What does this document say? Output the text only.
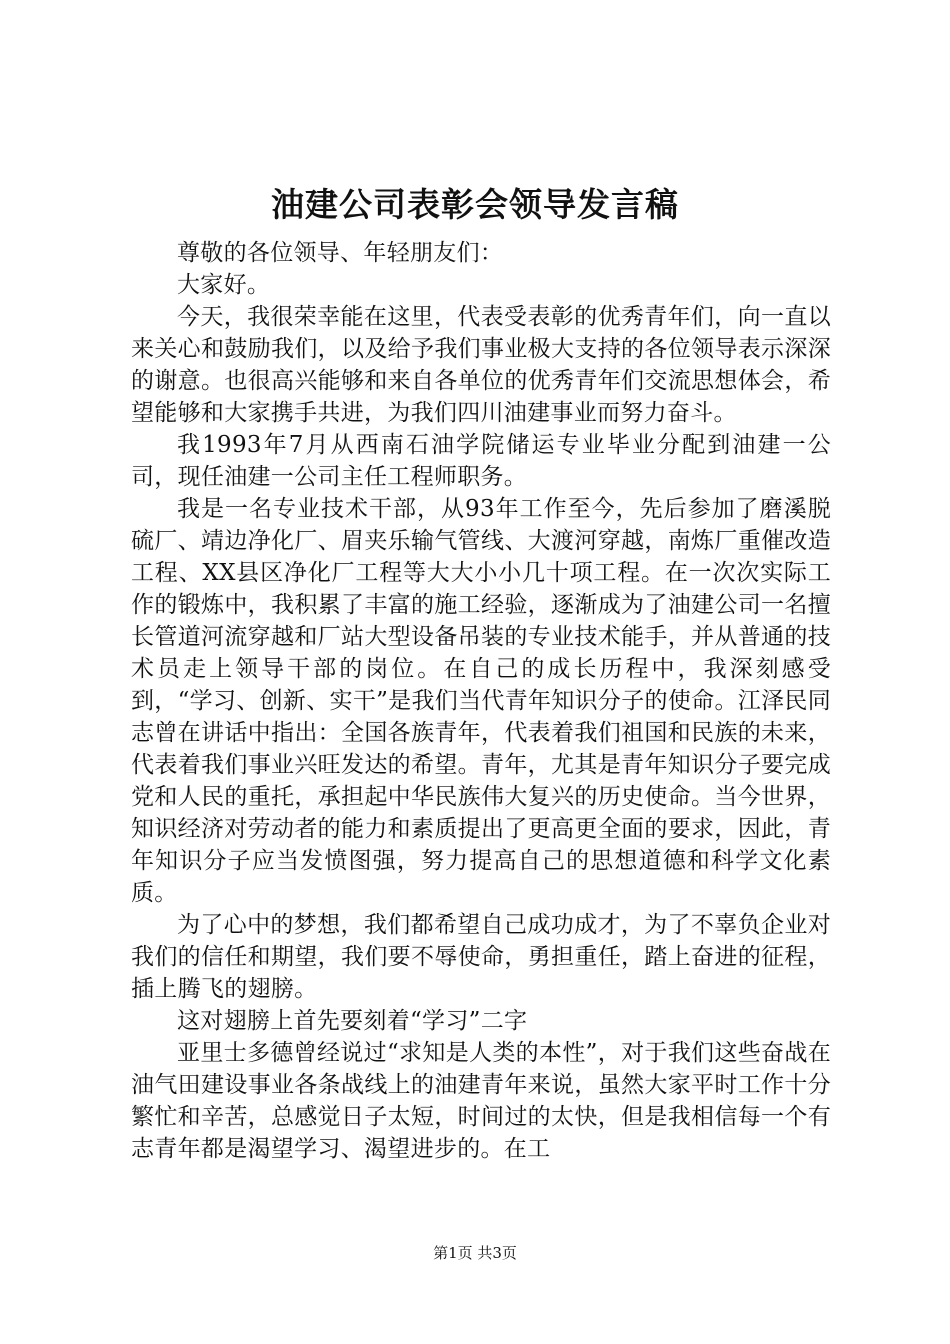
油建公司表彰会领导发言稿

尊敬的各位领导、年轻朋友们：

大家好。

今天，我很荣幸能在这里，代表受表彰的优秀青年们，向一直以来关心和鼓励我们，以及给予我们事业极大支持的各位领导表示深深的谢意。也很高兴能够和来自各单位的优秀青年们交流思想体会，希望能够和大家携手共进，为我们四川油建事业而努力奋斗。

我1993年7月从西南石油学院储运专业毕业分配到油建一公司，现任油建一公司主任工程师职务。

我是一名专业技术干部，从93年工作至今，先后参加了磨溪脱硫厂、靖边净化厂、眉夹乐输气管线、大渡河穿越，南炼厂重催改造工程、XX县区净化厂工程等大大小小几十项工程。在一次次实际工作的锻炼中，我积累了丰富的施工经验，逐渐成为了油建公司一名擅长管道河流穿越和厂站大型设备吊装的专业技术能手，并从普通的技术员走上领导干部的岗位。在自己的成长历程中，我深刻感受到，“学习、创新、实干”是我们当代青年知识分子的使命。江泽民同志曾在讲话中指出：全国各族青年，代表着我们祖国和民族的未来，代表着我们事业兴旺发达的希望。青年，尤其是青年知识分子要完成党和人民的重托，承担起中华民族伟大复兴的历史使命。当今世界，知识经济对劳动者的能力和素质提出了更高更全面的要求，因此，青年知识分子应当发愤图强，努力提高自己的思想道德和科学文化素质。

为了心中的梦想，我们都希望自己成功成才，为了不辜负企业对我们的信任和期望，我们要不辱使命，勇担重任，踏上奋进的征程，插上腾飞的翅膀。

这对翅膀上首先要刻着“学习”二字

亚里士多德曾经说过“求知是人类的本性”，对于我们这些奋战在油气田建设事业各条战线上的油建青年来说，虽然大家平时工作十分繁忙和辛苦，总感觉日子太短，时间过的太快，但是我相信每一个有志青年都是渴望学习、渴望进步的。在工

第1页 共3页
